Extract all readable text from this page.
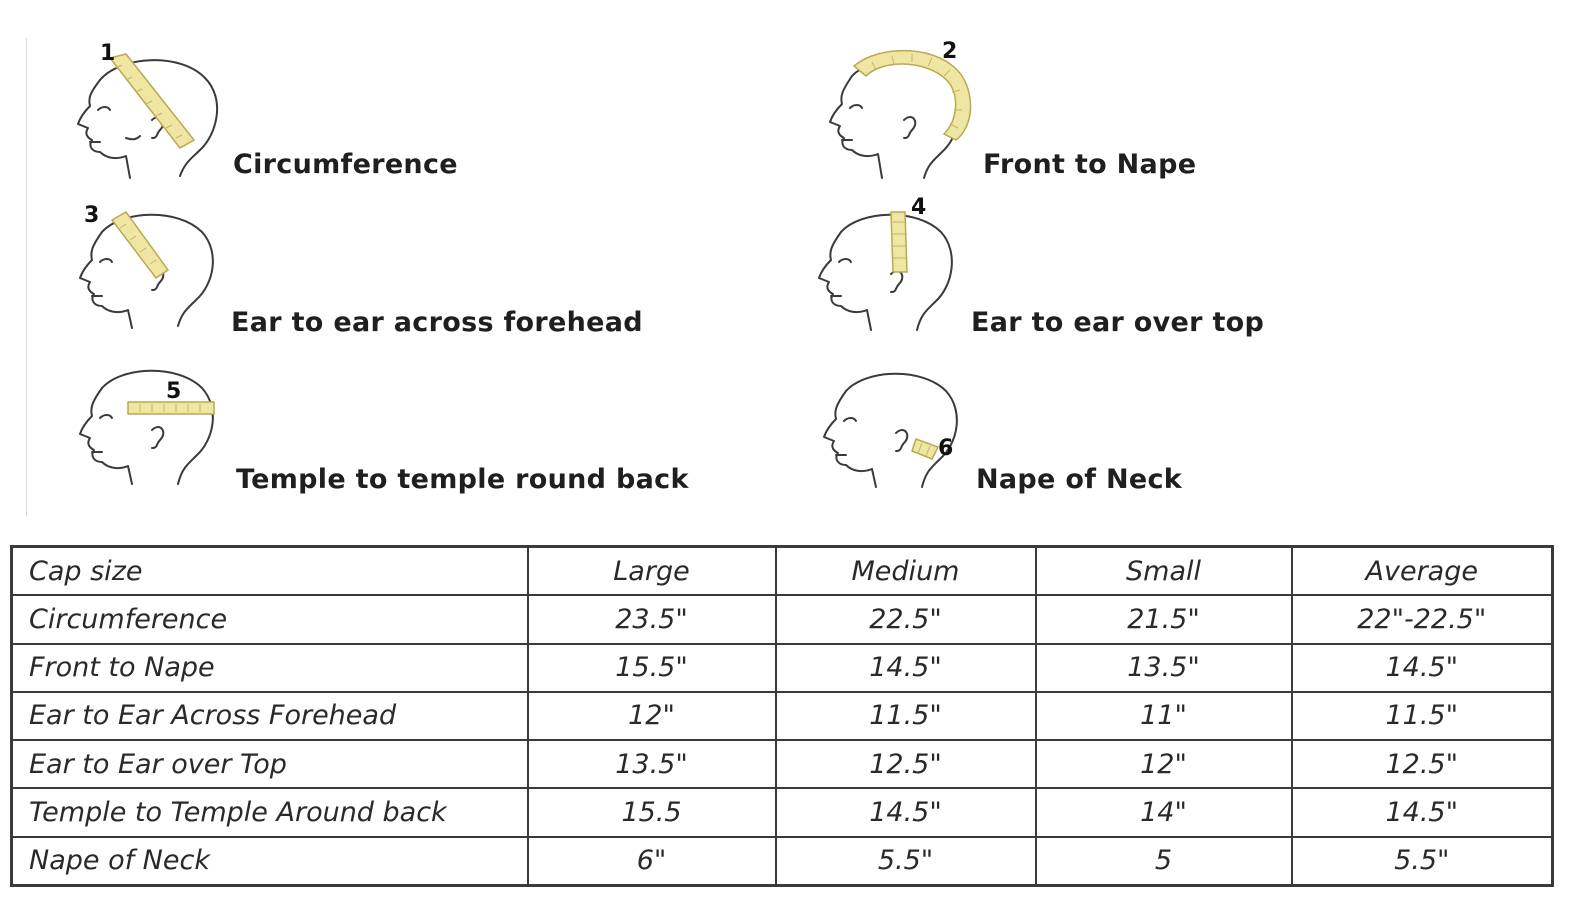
1
Circumference
2
Front to Nape
3
Ear to ear across forehead
4
Ear to ear over top
5
Temple to temple round back
6
Nape of Neck
Cap size	Large	Medium	Small	Average
Circumference	23.5"	22.5"	21.5"	22"-22.5"
Front to Nape	15.5"	14.5"	13.5"	14.5"
Ear to Ear Across Forehead	12"	11.5"	11"	11.5"
Ear to Ear over Top	13.5"	12.5"	12"	12.5"
Temple to Temple Around back	15.5	14.5"	14"	14.5"
Nape of Neck	6"	5.5"	5	5.5"
